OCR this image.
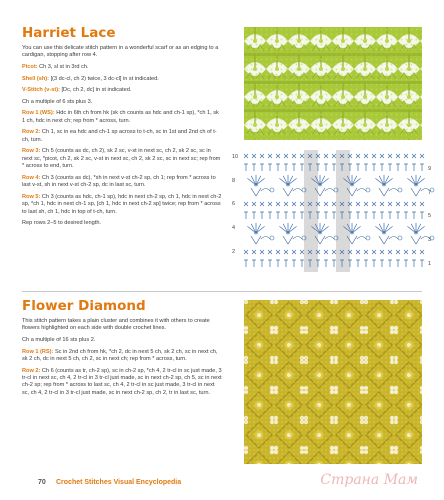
Harriet Lace

You can use this delicate stitch pattern in a wonderful scarf or as an edging to a cardigan, stopping after row 4.

Picot: Ch 3, sl st in 3rd ch.

Shell (sh): [(3 dc-cl, ch 2) twice, 3 dc-cl] in st indicated.

V-Stitch (v-st): [Dc, ch 2, dc] in st indicated.

Ch a multiple of 6 sts plus 3.

Row 1 (WS): Hdc in 6th ch from hk (sk ch counts as hdc and ch-1 sp), *ch 1, sk 1 ch, hdc in next ch; rep from * across, turn.

Row 2: Ch 1, sc in ea hdc and ch-1 sp across to t-ch, sc in 1st and 2nd ch of t-ch, turn.

Row 3: Ch 5 (counts as dc, ch 2), sk 2 sc, v-st in next sc, ch 2, sk 2 sc, sc in next sc, *picot, ch 2, sk 2 sc, v-st in next sc, ch 2, sk 2 sc, sc in next sc; rep from * across to end, turn.

Row 4: Ch 3 (counts as dc), *sh in next v-st ch-2 sp, ch 1; rep from * across to last v-st, sh in next v-st ch-2 sp, dc in last sc, turn.

Row 5: Ch 3 (counts as hdc, ch-1 sp), hdc in next ch-2 sp, ch 1, hdc in next ch-2 sp, *ch 1, hdc in next ch-1 sp, [ch 1, hdc in next ch-2 sp] twice; rep from * across to last sh, ch 1, hdc in top of t-ch, turn.

Rep rows 2–5 to desired length.

10
8
6
4
2
9
7
5
3
1
Flower Diamond

This stitch pattern takes a plain cluster and combines it with others to create flowers highlighted on each side with double crochet lines.

Ch a multiple of 16 sts plus 2.

Row 1 (RS): Sc in 2nd ch from hk, *ch 2, dc in next 5 ch, sk 2 ch, sc in next ch, sk 2 ch, dc in next 5 ch, ch 2, sc in next ch; rep from * across, turn.

Row 2: Ch 6 (counts as tr, ch-2 sp), sc in ch-2 sp, *ch 4, 2 tr-cl in sc just made, 3 tr-cl in next sc, ch 4, 2 tr-cl in 3 tr-cl just made, sc in next ch-2 sp, ch 5, sc in next ch-2 sp; rep from * across to last sc, ch 4, 2 tr-cl in sc just made, 3 tr-cl in next sc, ch 4, 2 tr-cl in 3 tr-cl just made, sc in next ch-2 sp, ch 2, tr in last sc, turn.

70 Crochet Stitches Visual Encyclopedia	Страна Мам
